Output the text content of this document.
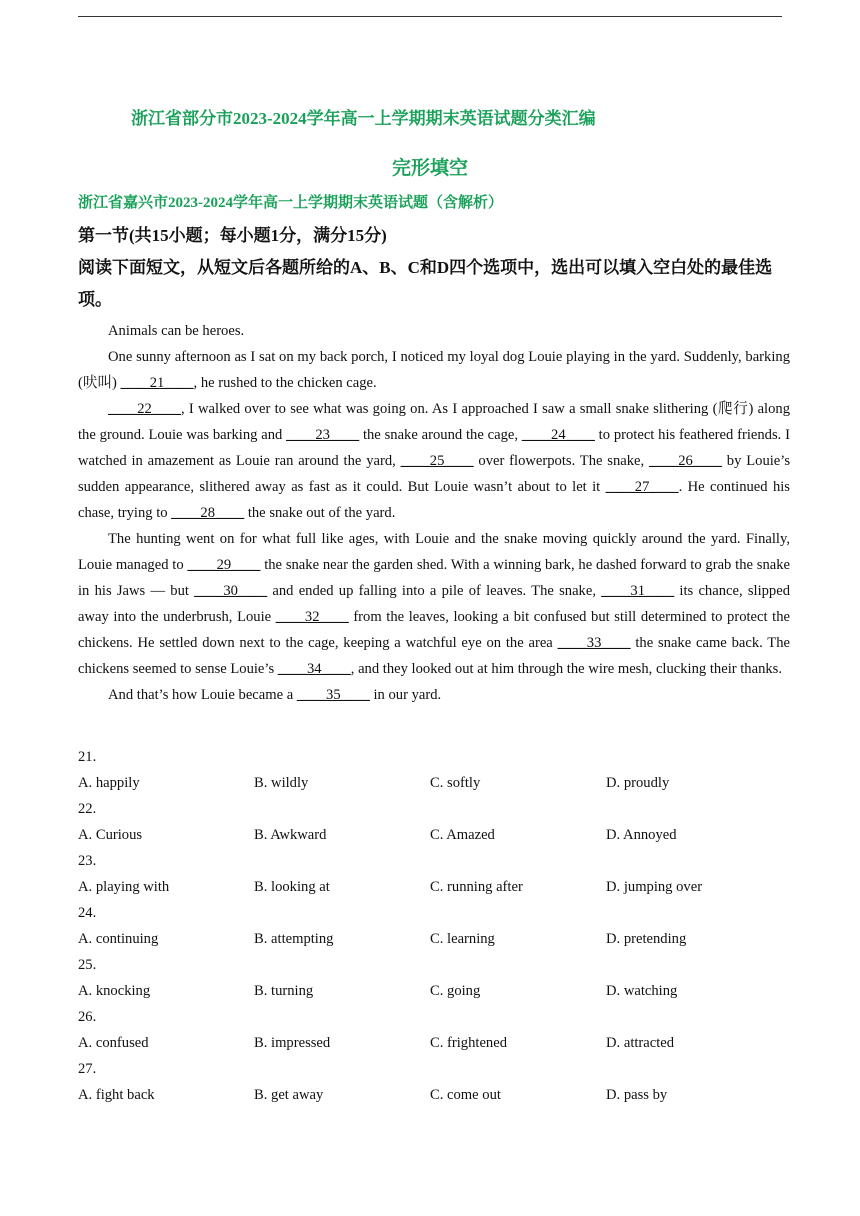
浙江省部分市2023-2024学年高一上学期期末英语试题分类汇编
完形填空
浙江省嘉兴市2023-2024学年高一上学期期末英语试题（含解析）
第一节(共15小题；每小题1分，满分15分)
阅读下面短文，从短文后各题所给的A、B、C和D四个选项中，选出可以填入空白处的最佳选项。

Animals can be heroes.

One sunny afternoon as I sat on my back porch, I noticed my loyal dog Louie playing in the yard. Suddenly, barking (吠叫) ____21____, he rushed to the chicken cage.

____22____, I walked over to see what was going on. As I approached I saw a small snake slithering (爬行) along the ground. Louie was barking and ____23____ the snake around the cage, ____24____ to protect his feathered friends. I watched in amazement as Louie ran around the yard, ____25____ over flowerpots. The snake, ____26____ by Louie’s sudden appearance, slithered away as fast as it could. But Louie wasn’t about to let it ____27____. He continued his chase, trying to ____28____ the snake out of the yard.

The hunting went on for what full like ages, with Louie and the snake moving quickly around the yard. Finally, Louie managed to ____29____ the snake near the garden shed. With a winning bark, he dashed forward to grab the snake in his Jaws — but ____30____ and ended up falling into a pile of leaves. The snake, ____31____ its chance, slipped away into the underbrush, Louie ____32____ from the leaves, looking a bit confused but still determined to protect the chickens. He settled down next to the cage, keeping a watchful eye on the area ____33____ the snake came back. The chickens seemed to sense Louie’s ____34____, and they looked out at him through the wire mesh, clucking their thanks.

And that’s how Louie became a ____35____ in our yard.

21.
A. happily	B. wildly	C. softly	D. proudly
22.
A. Curious	B. Awkward	C. Amazed	D. Annoyed
23.
A. playing with	B. looking at	C. running after	D. jumping over
24.
A. continuing	B. attempting	C. learning	D. pretending
25.
A. knocking	B. turning	C. going	D. watching
26.
A. confused	B. impressed	C. frightened	D. attracted
27.
A. fight back	B. get away	C. come out	D. pass by
